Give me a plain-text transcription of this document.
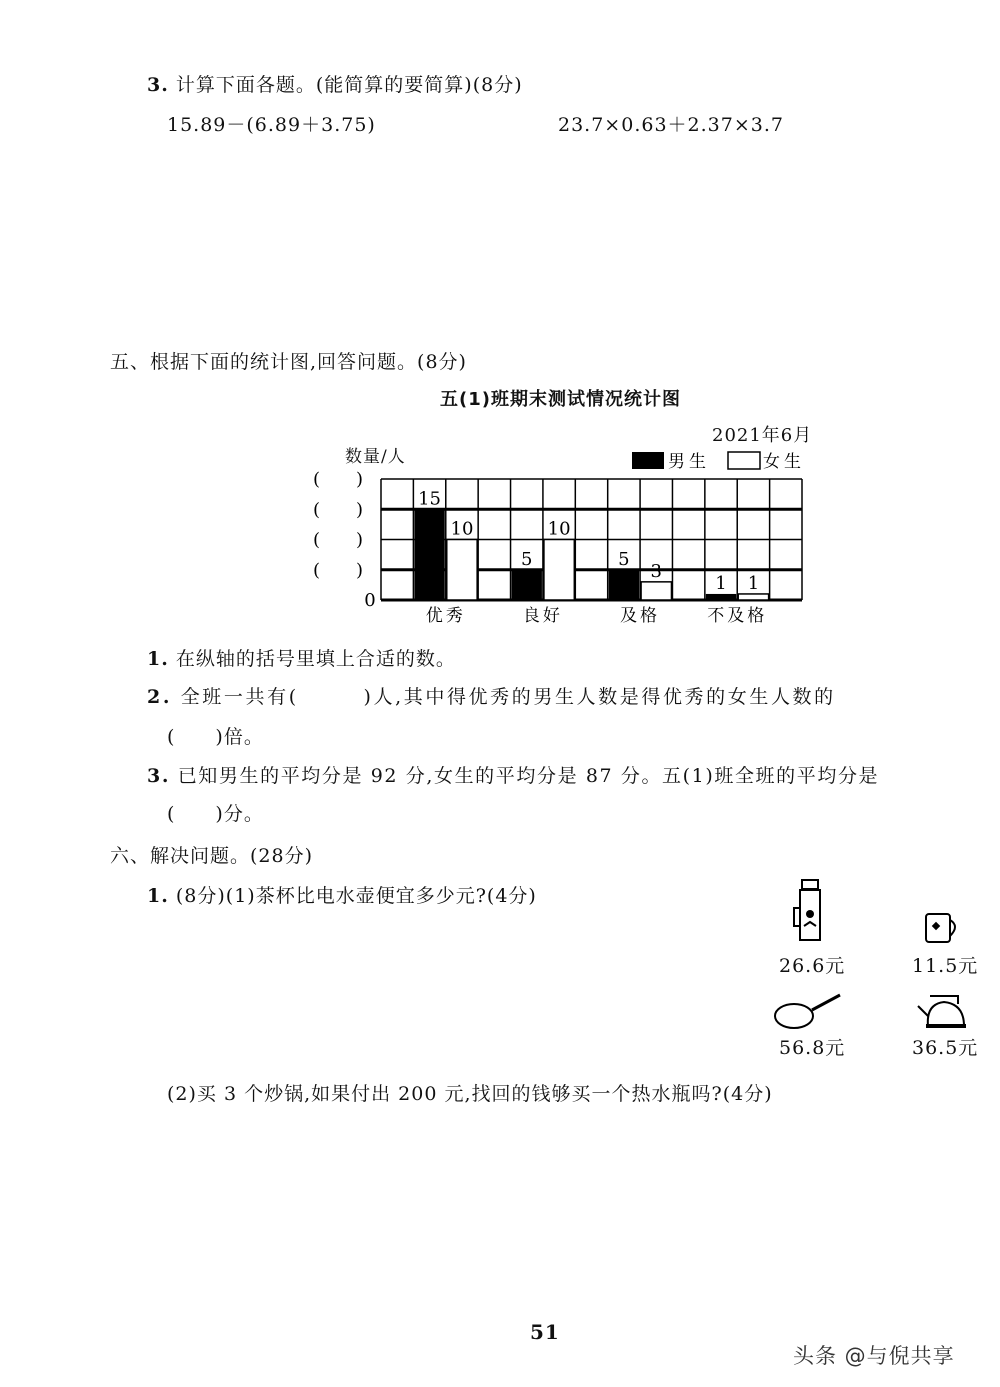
3. 计算下面各题。(能简算的要简算)(8分)
15.89－(6.89＋3.75)	23.7×0.63＋2.37×3.7
五、根据下面的统计图,回答问题。(8分)
五(1)班期末测试情况统计图
2021年6月
数量/人
15
10
优秀
5
10
良好
5
3
及格
1 1
不及格
(　　)
(　　)
(　　)
(　　)
0
男生	女生
1. 在纵轴的括号里填上合适的数。
2. 全班一共有(　　　)人,其中得优秀的男生人数是得优秀的女生人数的
(　　)倍。
3. 已知男生的平均分是 92 分,女生的平均分是 87 分。五(1)班全班的平均分是
(　　)分。
六、解决问题。(28分)
1. (8分)(1)茶杯比电水壶便宜多少元?(4分)
(2)买 3 个炒锅,如果付出 200 元,找回的钱够买一个热水瓶吗?(4分)
26.6元	11.5元
56.8元	36.5元
51
头条 @与倪共享
